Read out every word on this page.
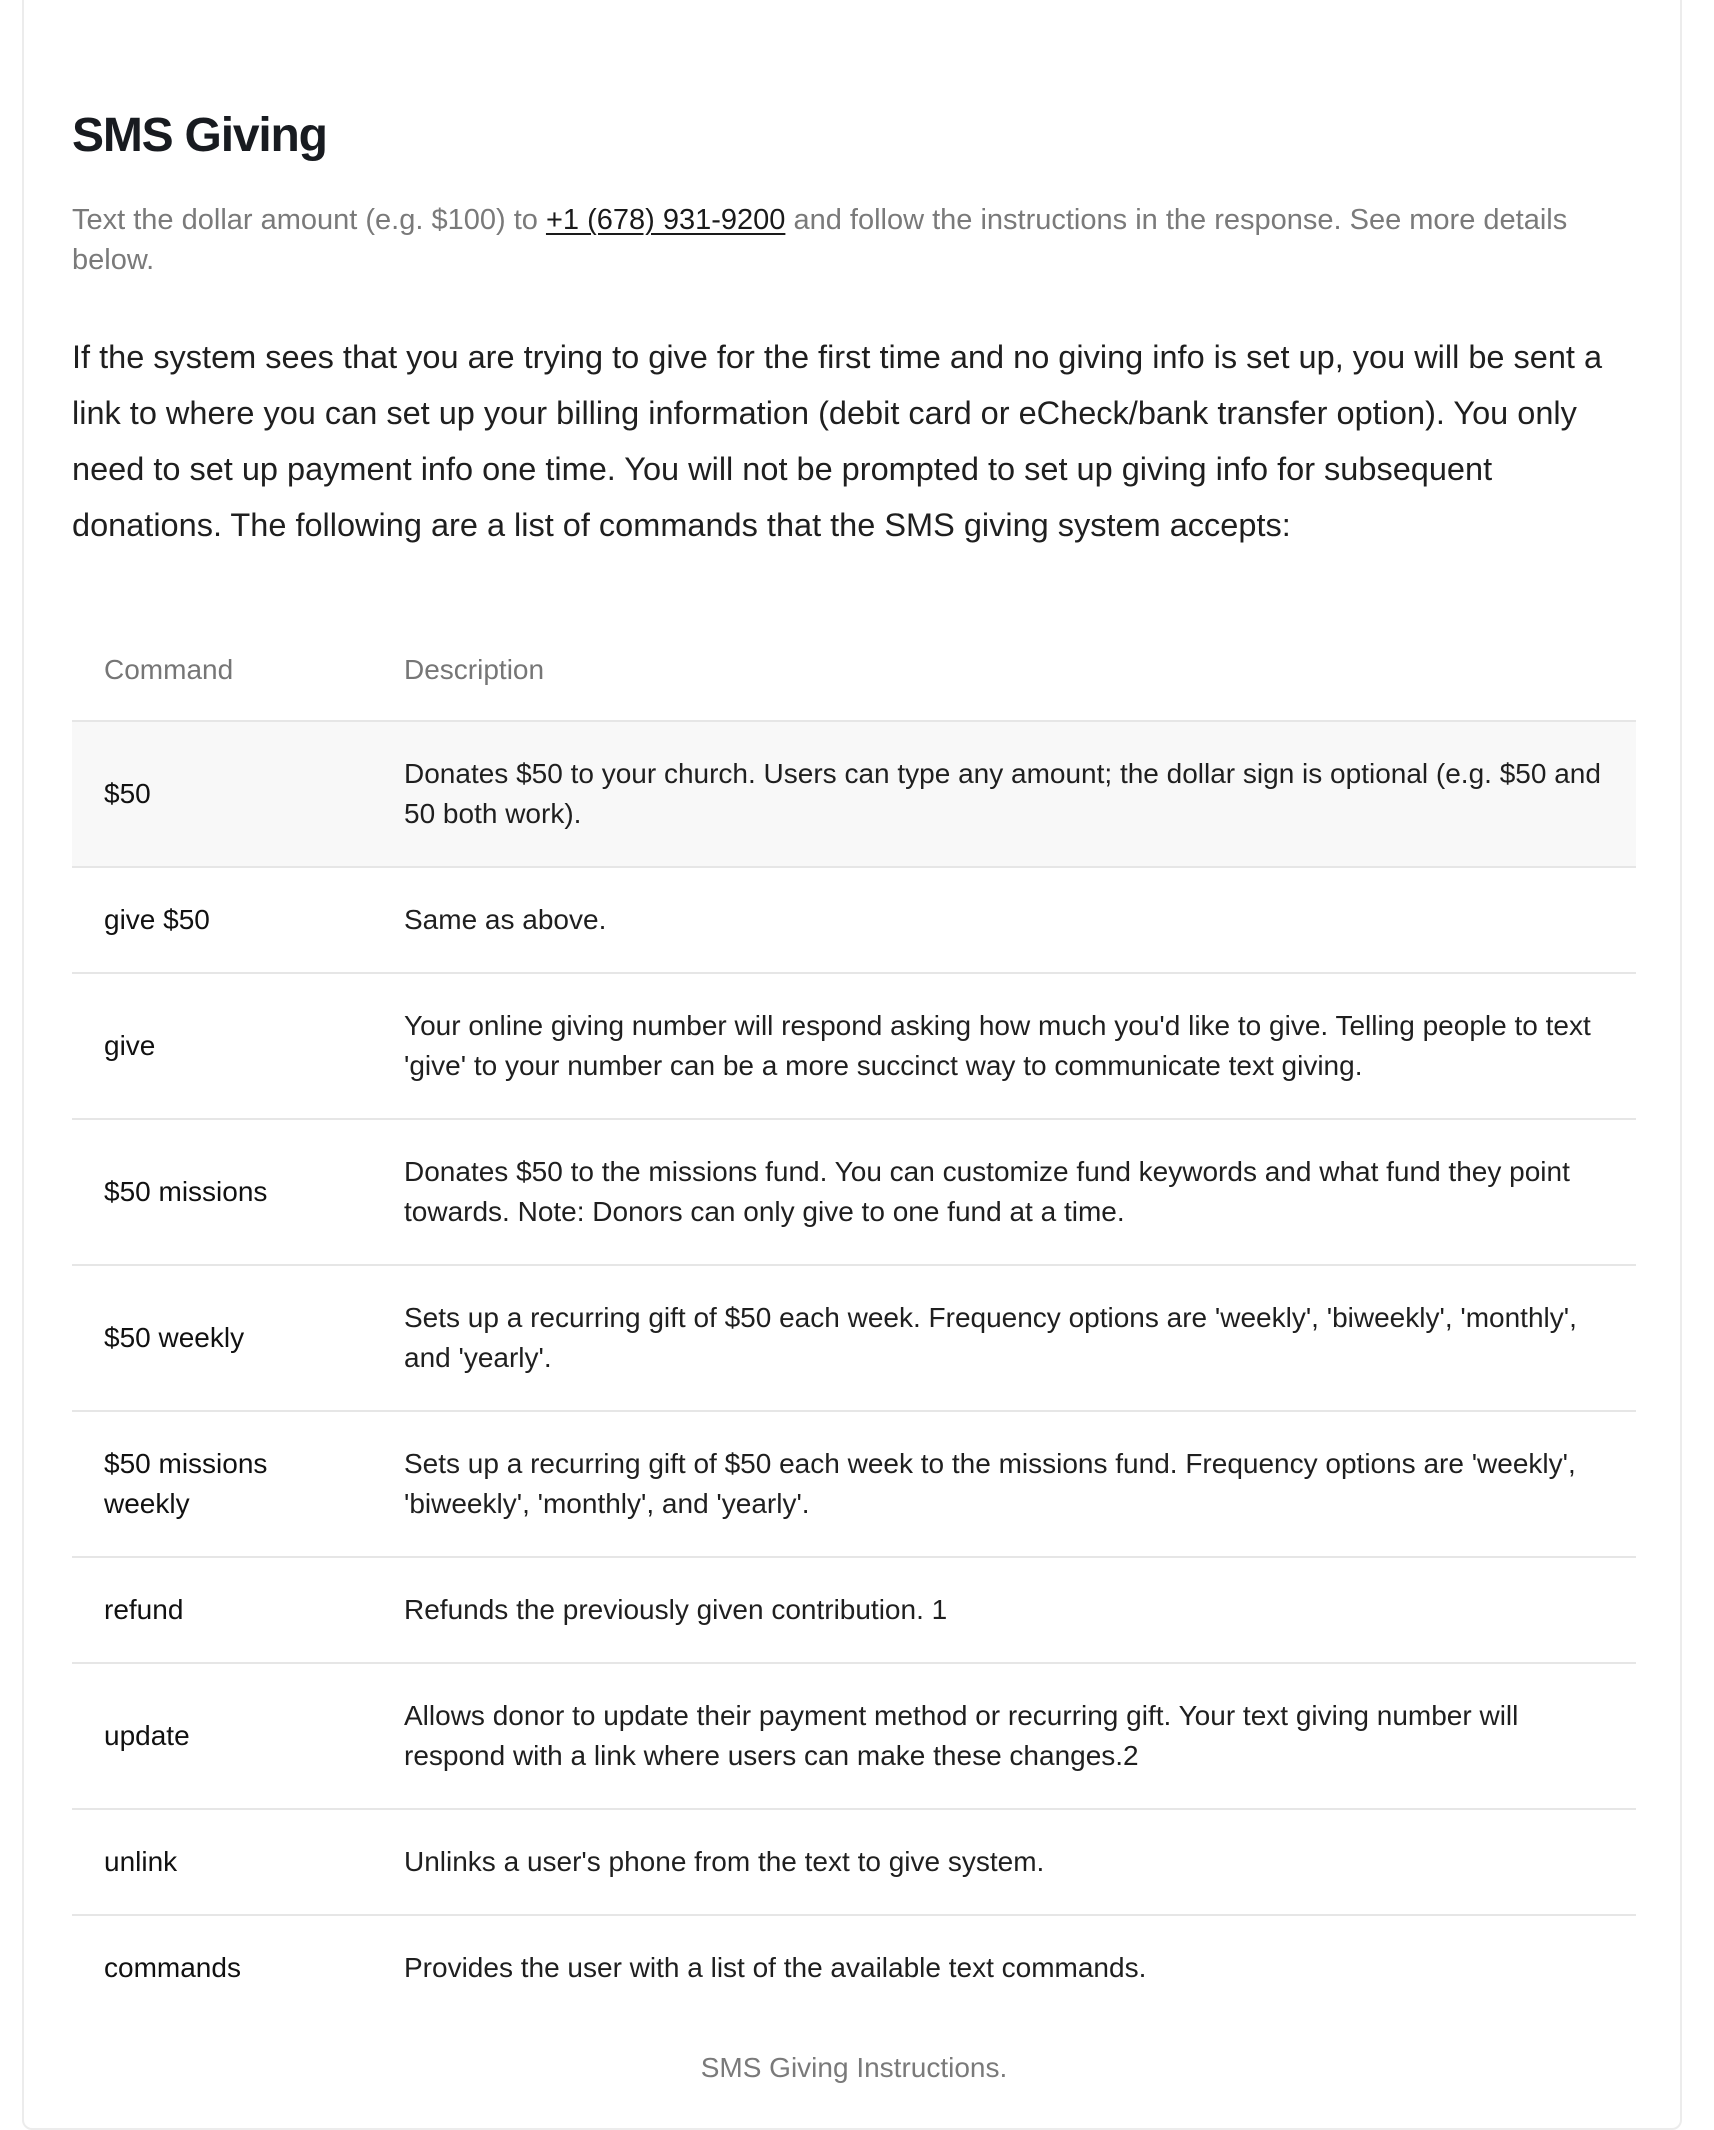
SMS Giving

Text the dollar amount (e.g. $100) to +1 (678) 931-9200 and follow the instructions in the response. See more details below.

If the system sees that you are trying to give for the first time and no giving info is set up, you will be sent a link to where you can set up your billing information (debit card or eCheck/bank transfer option). You only need to set up payment info one time. You will not be prompted to set up giving info for subsequent donations. The following are a list of commands that the SMS giving system accepts:

Command	Description
$50	Donates $50 to your church. Users can type any amount; the dollar sign is optional (e.g. $50 and 50 both work).
give $50	Same as above.
give	Your online giving number will respond asking how much you'd like to give. Telling people to text 'give' to your number can be a more succinct way to communicate text giving.
$50 missions	Donates $50 to the missions fund. You can customize fund keywords and what fund they point towards. Note: Donors can only give to one fund at a time.
$50 weekly	Sets up a recurring gift of $50 each week. Frequency options are 'weekly', 'biweekly', 'monthly', and 'yearly'.
$50 missions weekly	Sets up a recurring gift of $50 each week to the missions fund. Frequency options are 'weekly', 'biweekly', 'monthly', and 'yearly'.
refund	Refunds the previously given contribution. 1
update	Allows donor to update their payment method or recurring gift. Your text giving number will respond with a link where users can make these changes.2
unlink	Unlinks a user's phone from the text to give system.
commands	Provides the user with a list of the available text commands.

SMS Giving Instructions.
